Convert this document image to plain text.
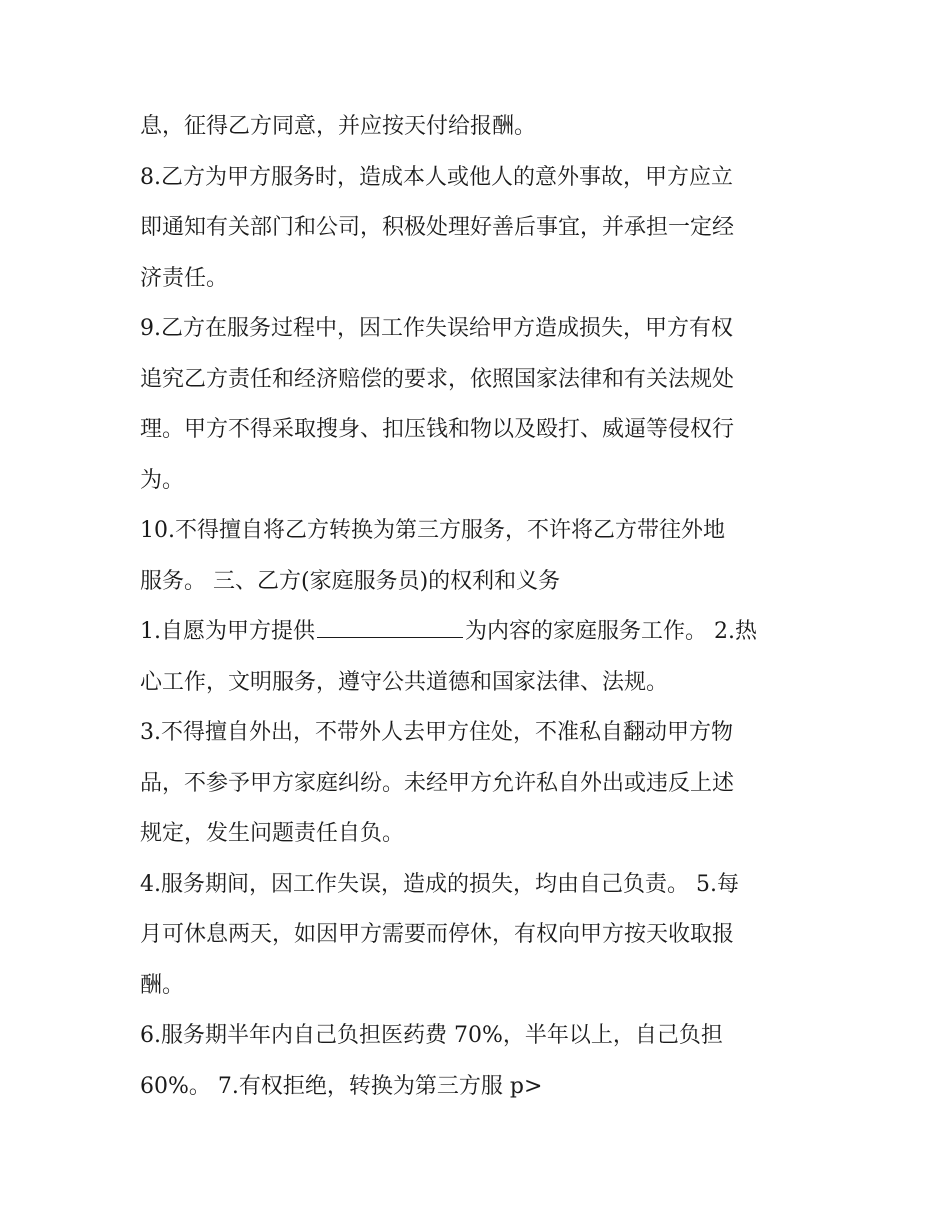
息，征得乙方同意，并应按天付给报酬。
8.乙方为甲方服务时，造成本人或他人的意外事故，甲方应立
即通知有关部门和公司，积极处理好善后事宜，并承担一定经
济责任。
9.乙方在服务过程中，因工作失误给甲方造成损失，甲方有权
追究乙方责任和经济赔偿的要求，依照国家法律和有关法规处
理。甲方不得采取搜身、扣压钱和物以及殴打、威逼等侵权行
为。
10.不得擅自将乙方转换为第三方服务，不许将乙方带往外地
服务。 三、乙方(家庭服务员)的权利和义务
1.自愿为甲方提供	为内容的家庭服务工作。 2.热
心工作，文明服务，遵守公共道德和国家法律、法规。
3.不得擅自外出，不带外人去甲方住处，不准私自翻动甲方物
品，不参予甲方家庭纠纷。未经甲方允许私自外出或违反上述
规定，发生问题责任自负。
4.服务期间，因工作失误，造成的损失，均由自己负责。 5.每
月可休息两天，如因甲方需要而停休，有权向甲方按天收取报
酬。
6.服务期半年内自己负担医药费 70%，半年以上，自己负担
60%。 7.有权拒绝，转换为第三方服 p>
